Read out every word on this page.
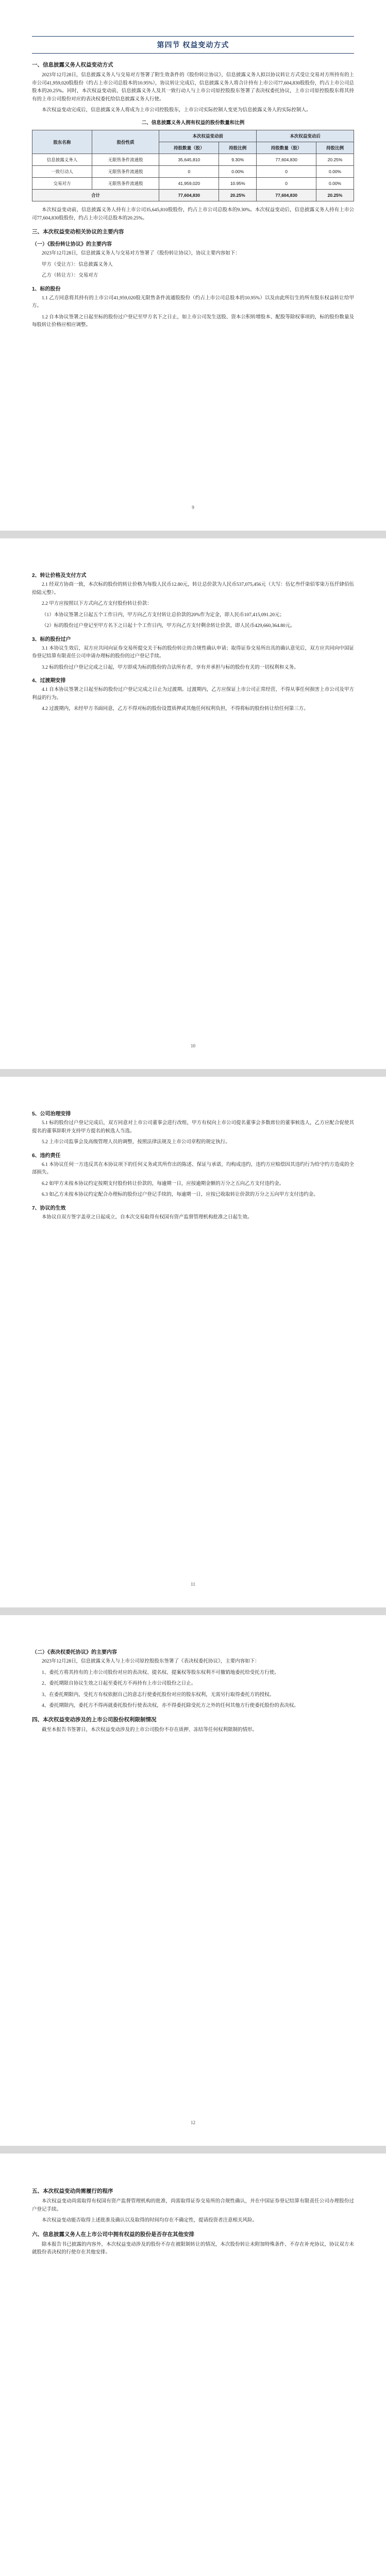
第四节 权益变动方式
一、信息披露义务人权益变动方式

2023年12月28日，信息披露义务人与交易对方签署了附生效条件的《股份转让协议》，信息披露义务人拟以协议转让方式受让交易对方所持有的上市公司41,959,020股股份（约占上市公司总股本的10.95%），协议转让完成后，信息披露义务人将合计持有上市公司77,604,830股股份，约占上市公司总股本的20.25%。同时，本次权益变动前，信息披露义务人及其一致行动人与上市公司原控股股东签署了表决权委托协议，上市公司原控股股东将其持有的上市公司股份对应的表决权委托给信息披露义务人行使。

本次权益变动完成后，信息披露义务人将成为上市公司控股股东，上市公司实际控制人变更为信息披露义务人的实际控制人。

二、信息披露义务人拥有权益的股份数量和比例

股东名称	股份性质	本次权益变动前		本次权益变动后	
		持股数量（股）	持股比例	持股数量（股）	持股比例
信息披露义务人	无限售条件流通股	35,645,810	9.30%	77,604,830	20.25%
一致行动人	无限售条件流通股	0	0.00%	0	0.00%
交易对方	无限售条件流通股	41,959,020	10.95%	0	0.00%
合计		77,604,830	20.25%	77,604,830	20.25%

本次权益变动前，信息披露义务人持有上市公司35,645,810股股份，约占上市公司总股本的9.30%。本次权益变动后，信息披露义务人持有上市公司77,604,830股股份，约占上市公司总股本的20.25%。

三、本次权益变动相关协议的主要内容
（一）《股份转让协议》的主要内容

2023年12月28日，信息披露义务人与交易对方签署了《股份转让协议》，协议主要内容如下：

甲方（受让方）：信息披露义务人

乙方（转让方）：交易对方

1、标的股份

1.1 乙方同意将其持有的上市公司41,959,020股无限售条件流通股股份（约占上市公司总股本的10.95%）以及由此所衍生的所有股东权益转让给甲方。

1.2 自本协议签署之日起至标的股份过户登记至甲方名下之日止，如上市公司发生送股、资本公积转增股本、配股等除权事项的，标的股份数量及每股转让价格应相应调整。

9
2、转让价格及支付方式

2.1 经双方协商一致，本次标的股份的转让价格为每股人民币12.80元，转让总价款为人民币537,075,456元（大写：伍亿叁仟柒佰零柒万伍仟肆佰伍拾陆元整）。

2.2 甲方应按照以下方式向乙方支付股份转让价款：

（1）本协议签署之日起五个工作日内，甲方向乙方支付转让总价款的20%作为定金，即人民币107,415,091.20元；

（2）标的股份过户登记至甲方名下之日起十个工作日内，甲方向乙方支付剩余转让价款，即人民币429,660,364.80元。

3、标的股份过户

3.1 本协议生效后，双方应共同向证券交易所提交关于标的股份转让的合规性确认申请；取得证券交易所出具的确认意见后，双方应共同向中国证券登记结算有限责任公司申请办理标的股份的过户登记手续。

3.2 标的股份过户登记完成之日起，甲方即成为标的股份的合法所有者，享有并承担与标的股份有关的一切权利和义务。

4、过渡期安排

4.1 自本协议签署之日起至标的股份过户登记完成之日止为过渡期。过渡期内，乙方应保证上市公司正常经营，不得从事任何损害上市公司及甲方利益的行为。

4.2 过渡期内，未经甲方书面同意，乙方不得对标的股份设置质押或其他任何权利负担，不得将标的股份转让给任何第三方。

10
5、公司治理安排

5.1 标的股份过户登记完成后，双方同意对上市公司董事会进行改组，甲方有权向上市公司提名董事会多数席位的董事候选人，乙方应配合促使其提名的董事辞职并支持甲方提名的候选人当选。

5.2 上市公司监事会及高级管理人员的调整，按照法律法规及上市公司章程的规定执行。

6、违约责任

6.1 本协议任何一方违反其在本协议项下的任何义务或其所作出的陈述、保证与承诺，均构成违约，违约方应赔偿因其违约行为给守约方造成的全部损失。

6.2 如甲方未按本协议约定按期支付股份转让价款的，每逾期一日，应按逾期金额的万分之五向乙方支付违约金。

6.3 如乙方未按本协议约定配合办理标的股份过户登记手续的，每逾期一日，应按已收取转让价款的万分之五向甲方支付违约金。

7、协议的生效

本协议自双方签字盖章之日起成立，自本次交易取得有权国有资产监督管理机构批准之日起生效。

11
（二）《表决权委托协议》的主要内容

2023年12月28日，信息披露义务人与上市公司原控股股东签署了《表决权委托协议》，主要内容如下：

1、委托方将其持有的上市公司股份对应的表决权、提名权、提案权等股东权利不可撤销地委托给受托方行使。

2、委托期限自协议生效之日起至委托方不再持有上市公司股份之日止。

3、在委托期限内，受托方有权依据自己的意志行使委托股份对应的股东权利，无需另行取得委托方的授权。

4、委托期限内，委托方不得再就委托股份行使表决权，亦不得委托除受托方之外的任何其他方行使委托股份的表决权。

四、本次权益变动涉及的上市公司股份权利限制情况

截至本报告书签署日，本次权益变动涉及的上市公司股份不存在质押、冻结等任何权利限制的情形。

12
五、本次权益变动尚需履行的程序

本次权益变动尚需取得有权国有资产监督管理机构的批准，尚需取得证券交易所的合规性确认，并在中国证券登记结算有限责任公司办理股份过户登记手续。

本次权益变动能否取得上述批准及确认以及取得的时间均存在不确定性，提请投资者注意相关风险。

六、信息披露义务人在上市公司中拥有权益的股份是否存在其他安排

除本报告书已披露的内容外，本次权益变动涉及的股份不存在被限制转让的情况，本次股份转让未附加特殊条件、不存在补充协议，协议双方未就股份表决权的行使存在其他安排。
